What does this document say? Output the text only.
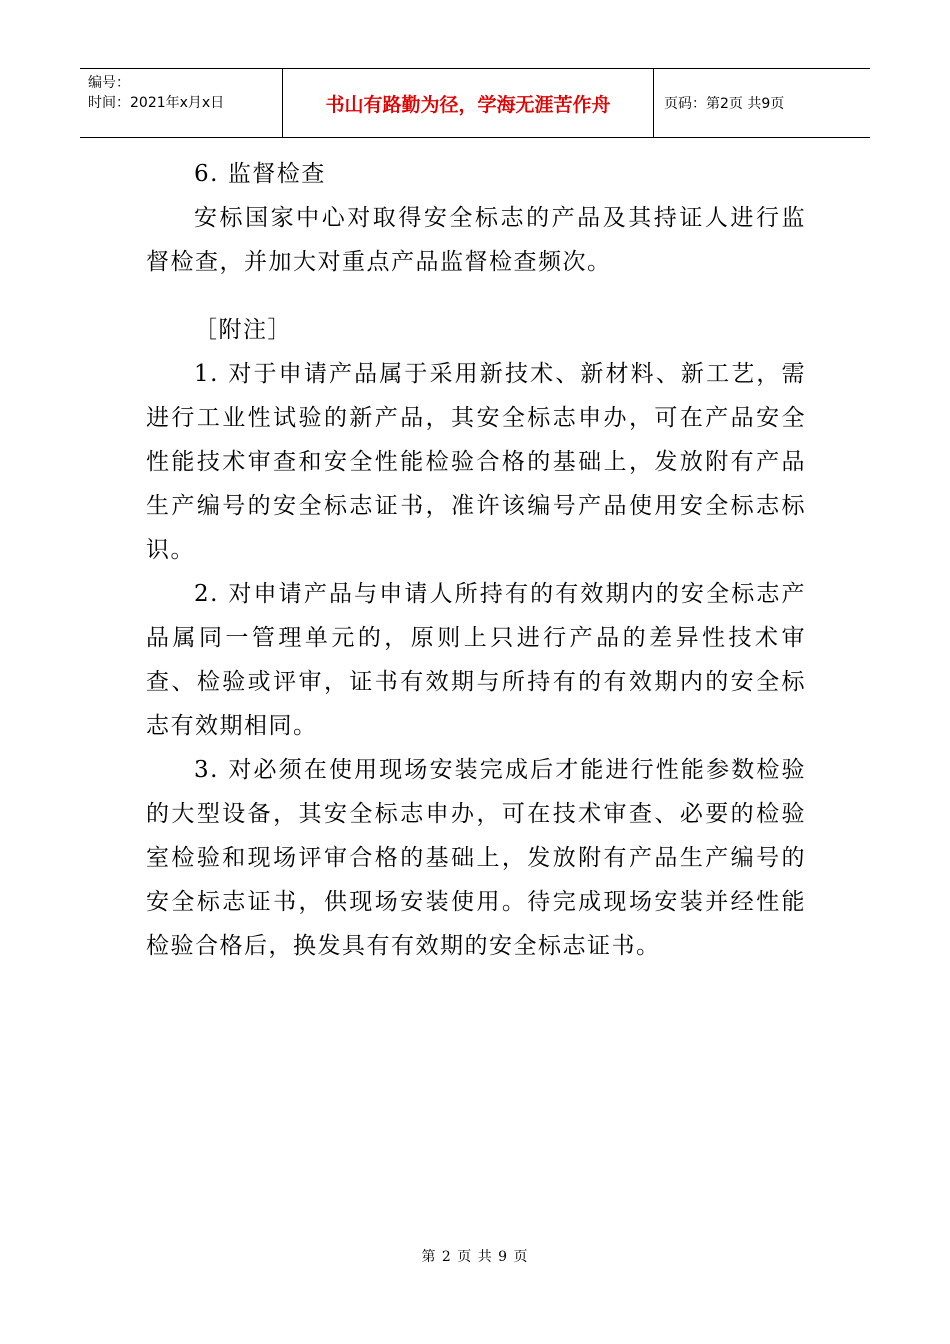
编号：
时间：2021年x月x日	书山有路勤为径，学海无涯苦作舟	页码：第2页 共9页

6. 监督检查

安标国家中心对取得安全标志的产品及其持证人进行监督检查，并加大对重点产品监督检查频次。

［附注］

1. 对于申请产品属于采用新技术、新材料、新工艺，需进行工业性试验的新产品，其安全标志申办，可在产品安全性能技术审查和安全性能检验合格的基础上，发放附有产品生产编号的安全标志证书，准许该编号产品使用安全标志标识。

2. 对申请产品与申请人所持有的有效期内的安全标志产品属同一管理单元的，原则上只进行产品的差异性技术审查、检验或评审，证书有效期与所持有的有效期内的安全标志有效期相同。

3. 对必须在使用现场安装完成后才能进行性能参数检验的大型设备，其安全标志申办，可在技术审查、必要的检验室检验和现场评审合格的基础上，发放附有产品生产编号的安全标志证书，供现场安装使用。待完成现场安装并经性能检验合格后，换发具有有效期的安全标志证书。

第 2 页 共 9 页
